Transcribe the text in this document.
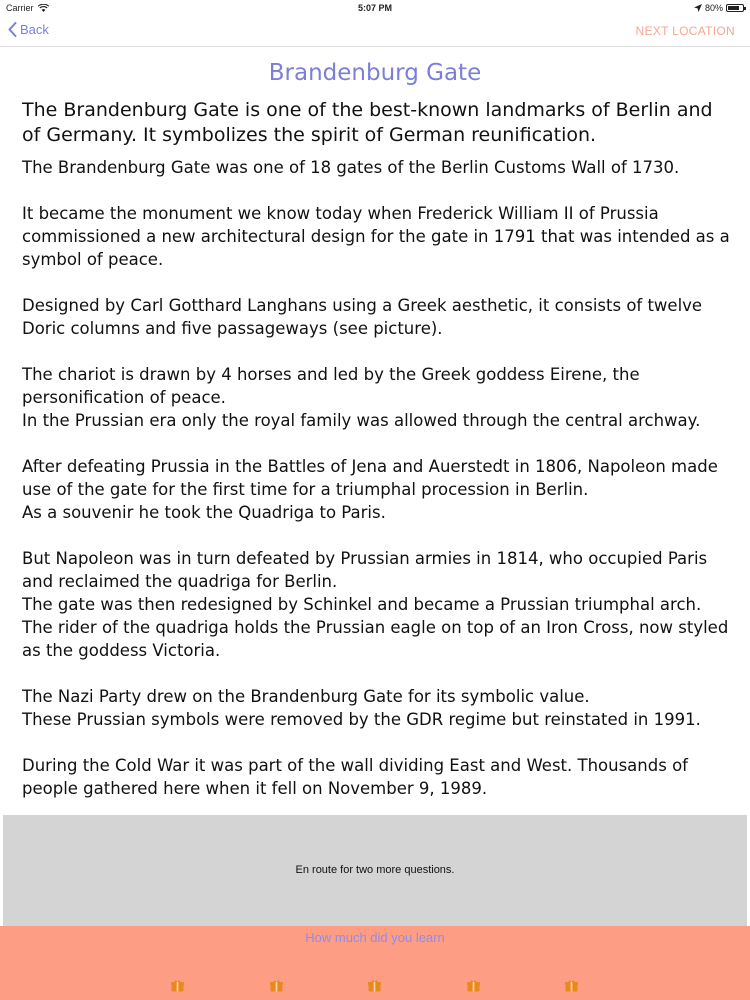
Carrier	5:07 PM	80%
Back	NEXT LOCATION
Brandenburg Gate
The Brandenburg Gate is one of the best-known landmarks of Berlin and of Germany. It symbolizes the spirit of German reunification.
The Brandenburg Gate was one of 18 gates of the Berlin Customs Wall of 1730.

It became the monument we know today when Frederick William II of Prussia commissioned a new architectural design for the gate in 1791 that was intended as a symbol of peace.

Designed by Carl Gotthard Langhans using a Greek aesthetic, it consists of twelve Doric columns and five passageways (see picture).

The chariot is drawn by 4 horses and led by the Greek goddess Eirene, the personification of peace.
In the Prussian era only the royal family was allowed through the central archway.

After defeating Prussia in the Battles of Jena and Auerstedt in 1806, Napoleon made use of the gate for the first time for a triumphal procession in Berlin.
As a souvenir he took the Quadriga to Paris.

But Napoleon was in turn defeated by Prussian armies in 1814, who occupied Paris and reclaimed the quadriga for Berlin.
The gate was then redesigned by Schinkel and became a Prussian triumphal arch.
The rider of the quadriga holds the Prussian eagle on top of an Iron Cross, now styled as the goddess Victoria.

The Nazi Party drew on the Brandenburg Gate for its symbolic value.
These Prussian symbols were removed by the GDR regime but reinstated in 1991.

During the Cold War it was part of the wall dividing East and West. Thousands of people gathered here when it fell on November 9, 1989.
En route for two more questions.
How much did you learn
